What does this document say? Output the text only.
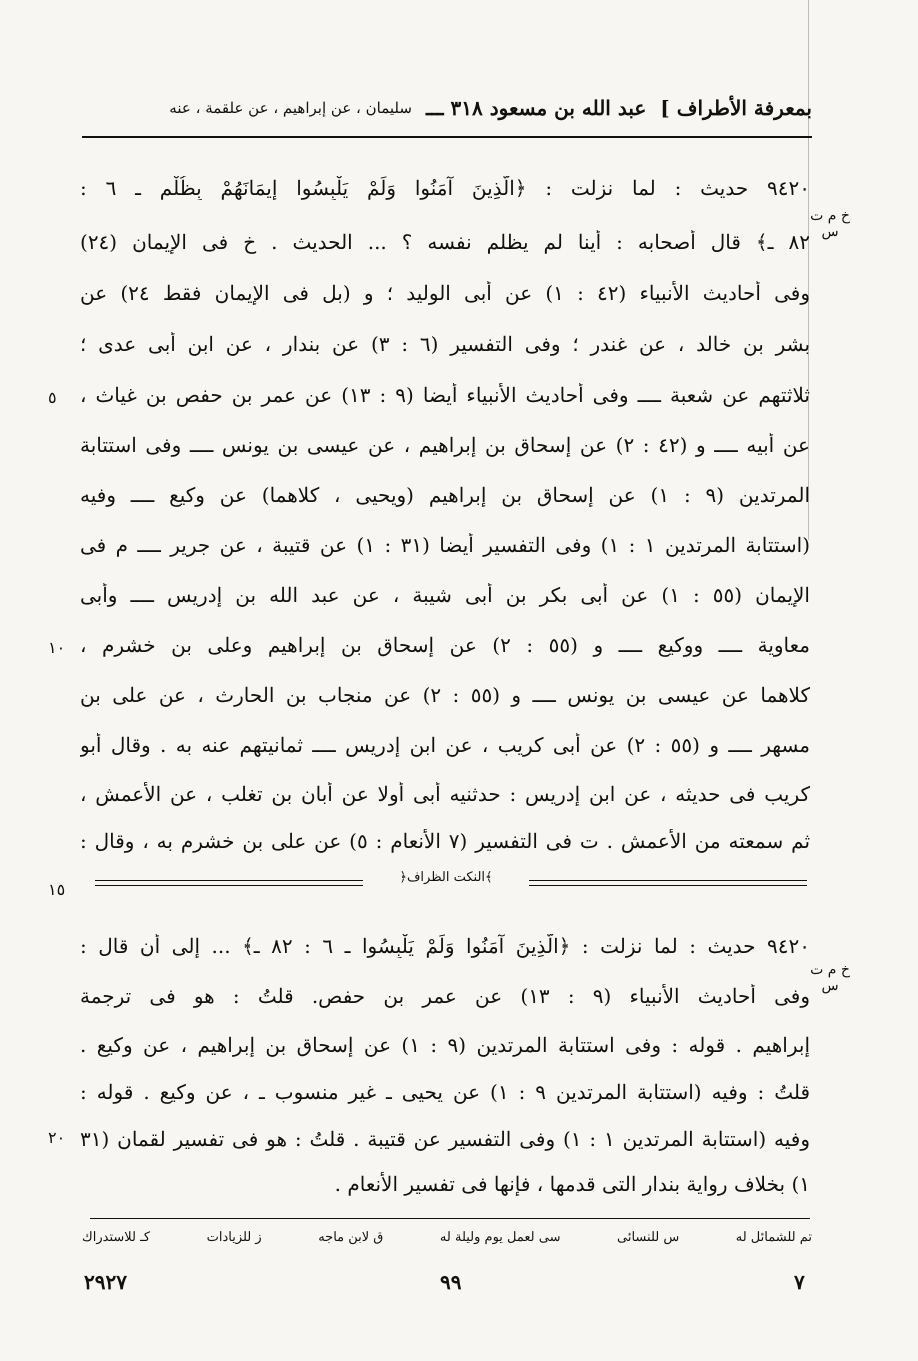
بمعرفة الأطراف ]
عبد الله بن مسعود ٣١٨ ـــ
سليمان ، عن إبراهيم ، عن علقمة ، عنه
خ م ت س
خ م ت س
٥
١٠
١٥
٢٠
٩٤٢٠ حديث : لما نزلت : ﴿الَّذِينَ آمَنُوا وَلَمْ يَلْبِسُوا إِيمَانَهُمْ بِظُلْمٍ ـ ٦ :
٨٢ ـ﴾ قال أصحابه : أينا لم يظلم نفسه ؟ ... الحديث . خ فى الإيمان (٢٤)
وفى أحاديث الأنبياء (٤٢ : ١) عن أبى الوليد ؛ و (بل فى الإيمان فقط ٢٤) عن
بشر بن خالد ، عن غندر ؛ وفى التفسير (٦ : ٣) عن بندار ، عن ابن أبى عدى ؛
ثلاثتهم عن شعبة ــــ وفى أحاديث الأنبياء أيضا (٩ : ١٣) عن عمر بن حفص بن غياث ،
عن أبيه ــــ و (٤٢ : ٢) عن إسحاق بن إبراهيم ، عن عيسى بن يونس ــــ وفى استتابة
المرتدين (٩ : ١) عن إسحاق بن إبراهيم (ويحيى ، كلاهما) عن وكيع ــــ وفيه
(استتابة المرتدين ١ : ١) وفى التفسير أيضا (٣١ : ١) عن قتيبة ، عن جرير ــــ م فى
الإيمان (٥٥ : ١) عن أبى بكر بن أبى شيبة ، عن عبد الله بن إدريس ــــ وأبى
معاوية ــــ ووكيع ــــ و (٥٥ : ٢) عن إسحاق بن إبراهيم وعلى بن خشرم ،
كلاهما عن عيسى بن يونس ــــ و (٥٥ : ٢) عن منجاب بن الحارث ، عن على بن
مسهر ــــ و (٥٥ : ٢) عن أبى كريب ، عن ابن إدريس ــــ ثمانيتهم عنه به . وقال أبو
كريب فى حديثه ، عن ابن إدريس : حدثنيه أبى أولا عن أبان بن تغلب ، عن الأعمش ،
ثم سمعته من الأعمش . ت فى التفسير (٧ الأنعام : ٥) عن على بن خشرم به ، وقال :
﴿النكت الظراف﴾
٩٤٢٠ حديث : لما نزلت : ﴿الَّذِينَ آمَنُوا وَلَمْ يَلْبِسُوا ـ ٦ : ٨٢ ـ﴾ ... إلى أن قال :
وفى أحاديث الأنبياء (٩ : ١٣) عن عمر بن حفص. قلتُ : هو فى ترجمة
إبراهيم . قوله : وفى استتابة المرتدين (٩ : ١) عن إسحاق بن إبراهيم ، عن وكيع .
قلتُ : وفيه (استتابة المرتدين ٩ : ١) عن يحيى ـ غير منسوب ـ ، عن وكيع . قوله :
وفيه (استتابة المرتدين ١ : ١) وفى التفسير عن قتيبة . قلتُ : هو فى تفسير لقمان (٣١
١) بخلاف رواية بندار التى قدمها ، فإنها فى تفسير الأنعام .
تم للشمائل له
س للنسائى
سى لعمل يوم وليلة له
ق لابن ماجه
ز للزيادات
كـ للاستدراك
٧
٩٩
٢٩٢٧
